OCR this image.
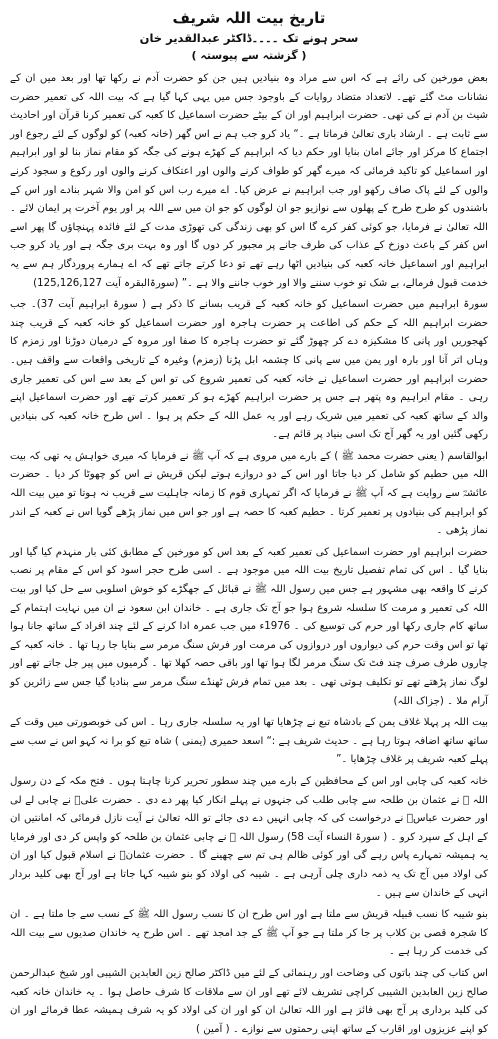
تاریخ بیت اللہ شریف
سحر ہونے تک ۔۔۔۔ڈاکٹر عبدالقدیر خان
( گزشتہ سے پیوستہ )

بعض مورخین کی رائے ہے کہ اس سے مراد وہ بنیادیں ہیں جن کو حضرت آدم نے رکھا تھا اور بعد میں ان کے نشانات مٹ گئے تھے۔ لاتعداد متضاد روایات کے باوجود جس میں یہی کہا گیا ہے کہ بیت اللہ کی تعمیر حضرت شیث بن آدم نے کی تھی۔ حضرت ابراہیم اور ان کے بیٹے حضرت اسماعیل کا کعبہ کی تعمیر کرنا قرآن اور احادیث سے ثابت ہے ۔ ارشاد باری تعالیٰ فرماتا ہے ۔“ یاد کرو جب ہم نے اس گھر (خانہ کعبہ) کو لوگوں کے لئے رجوع اور اجتماع کا مرکز اور جائے امان بنایا اور حکم دیا کہ ابراہیم کے کھڑے ہونے کی جگہ کو مقام نماز بنا لو اور ابراہیم اور اسماعیل کو تاکید فرمائی کہ میرے گھر کو طواف کرنے والوں اور اعتکاف کرنے والوں اور رکوع و سجود کرنے والوں کے لئے پاک صاف رکھو اور جب ابراہیم نے عرض کیا۔ اے میرے رب اس کو امن والا شہر بنادے اور اس کے باشندوں کو طرح طرح کے پھلوں سے نوازیو جو ان لوگوں کو جو ان میں سے اللہ پر اور یوم آخرت پر ایمان لائے ۔ اللہ تعالیٰ نے فرمایا، جو کوئی کفر کرے گا اس کو بھی زندگی کی تھوڑی مدت کے لئے فائدہ پہنچاؤں گا پھر اسے اس کفر کے باعث دوزخ کے عذاب کی طرف جانے پر مجبور کر دوں گا اور وہ بہت بری جگہ ہے اور یاد کرو جب ابراہیم اور اسماعیل خانہ کعبہ کی بنیادیں اٹھا رہے تھے تو دعا کرتے جاتے تھے کہ اے ہمارے پروردگار ہم سے یہ خدمت قبول فرمالے، بے شک تو خوب سننے والا اور خوب جاننے والا ہے ۔” (سورۃالبقرہ آیت 125,126,127)

سورۃ ابراہیم میں حضرت اسماعیل کو خانہ کعبہ کے قریب بسانے کا ذکر ہے ( سورۃ ابراہیم آیت 37)۔ جب حضرت ابراہیم اللہ کے حکم کی اطاعت پر حضرت ہاجرہ اور حضرت اسماعیل کو خانہ کعبہ کے قریب چند کھجوریں اور پانی کا مشکیزہ دے کر چھوڑ گئے تو حضرت ہاجرہ کا صفا اور مروہ کے درمیان دوڑنا اور زمزم کا وہاں اتر آنا اور بارہ اور یمن میں سے پانی کا چشمہ ابل پڑنا (زمزم) وغیرہ کے تاریخی واقعات سے واقف ہیں۔ حضرت ابراہیم اور حضرت اسماعیل نے خانہ کعبہ کی تعمیر شروع کی تو اس کے بعد سے اس کی تعمیر جاری رہی ۔ مقام ابراہیم وہ پتھر ہے جس پر حضرت ابراہیم کھڑے ہو کر تعمیر کرتے تھے اور حضرت اسماعیل اپنے والد کے ساتھ کعبہ کی تعمیر میں شریک رہے اور یہ عمل اللہ کے حکم پر ہوا ۔ اس طرح خانہ کعبہ کی بنیادیں رکھی گئیں اور یہ گھر آج تک اسی بنیاد پر قائم ہے۔

ابوالقاسم ( یعنی حضرت محمد ﷺ ) کے بارے میں مروی ہے کہ آپ ﷺ نے فرمایا کہ میری خواہش یہ تھی کہ بیت اللہ میں حطیم کو شامل کر دیا جاتا اور اس کے دو دروازے ہوتے لیکن قریش نے اس کو چھوٹا کر دیا ۔ حضرت عائشہؓ سے روایت ہے کہ آپ ﷺ نے فرمایا کہ اگر تمہاری قوم کا زمانہ جاہلیت سے قریب نہ ہوتا تو میں بیت اللہ کو ابراہیم کی بنیادوں پر تعمیر کرتا ۔ حطیم کعبہ کا حصہ ہے اور جو اس میں نماز پڑھے گویا اس نے کعبہ کے اندر نماز پڑھی ۔

حضرت ابراہیم اور حضرت اسماعیل کی تعمیر کعبہ کے بعد اس کو مورخین کے مطابق کئی بار منہدم کیا گیا اور بنایا گیا ۔ اس کی تمام تفصیل تاریخ بیت اللہ میں موجود ہے ۔ اسی طرح حجر اسود کو اس کے مقام پر نصب کرنے کا واقعہ بھی مشہور ہے جس میں رسول اللہ ﷺ نے قبائل کے جھگڑے کو خوش اسلوبی سے حل کیا اور بیت اللہ کی تعمیر و مرمت کا سلسلہ شروع ہوا جو آج تک جاری ہے ۔ خاندان ابن سعود نے ان میں نہایت اہتمام کے ساتھ کام جاری رکھا اور حرم کی توسیع کی ۔ 1976ء میں جب عمرہ ادا کرنے کے لئے چند افراد کے ساتھ جانا ہوا تھا تو اس وقت حرم کی دیواروں اور دروازوں کی مرمت اور فرش سنگ مرمر سے بنایا جا رہا تھا ۔ خانہ کعبہ کے چاروں طرف صرف چند فٹ تک سنگ مرمر لگا ہوا تھا اور باقی حصہ کھلا تھا ۔ گرمیوں میں پیر جل جاتے تھے اور لوگ نماز پڑھتے تھے تو تکلیف ہوتی تھی ۔ بعد میں تمام فرش ٹھنڈے سنگ مرمر سے بنادیا گیا جس سے زائرین کو آرام ملا ۔ (جزاک اللہ)

بیت اللہ پر پہلا غلاف یمن کے بادشاہ تبع نے چڑھایا تھا اور یہ سلسلہ جاری رہا ۔ اس کی خوبصورتی میں وقت کے ساتھ ساتھ اضافہ ہوتا رہا ہے ۔ حدیث شریف ہے :“ اسعد حمیری (یمنی ) شاہ تبع کو برا نہ کہو اس نے سب سے پہلے کعبہ شریف پر غلاف چڑھایا ۔”

خانہ کعبہ کی چابی اور اس کے محافظین کے بارے میں چند سطور تحریر کرنا چاہتا ہوں ۔ فتح مکہ کے دن رسول اللہ ﷺ نے عثمان بن طلحہ سے چابی طلب کی جنہوں نے پہلے انکار کیا پھر دے دی ۔ حضرت علیؓ نے چابی لے لی اور حضرت عباسؓ نے درخواست کی کہ چابی انہیں دے دی جائے تو اللہ تعالیٰ نے آیت نازل فرمائی کہ امانتیں ان کے اہل کے سپرد کرو ۔ ( سورۃ النساء آیت 58) رسول اللہ ﷺ نے چابی عثمان بن طلحہ کو واپس کر دی اور فرمایا یہ ہمیشہ تمہارے پاس رہے گی اور کوئی ظالم ہی تم سے چھینے گا ۔ حضرت عثمانؓ نے اسلام قبول کیا اور ان کی اولاد میں آج تک یہ ذمہ داری چلی آرہی ہے ۔ شیبہ کی اولاد کو بنو شیبہ کہا جاتا ہے اور آج بھی کلید بردار انہی کے خاندان سے ہیں ۔

بنو شیبہ کا نسب قبیلہ قریش سے ملتا ہے اور اس طرح ان کا نسب رسول اللہ ﷺ کے نسب سے جا ملتا ہے ۔ ان کا شجرہ قصی بن کلاب پر جا کر ملتا ہے جو آپ ﷺ کے جد امجد تھے ۔ اس طرح یہ خاندان صدیوں سے بیت اللہ کی خدمت کر رہا ہے ۔

اس کتاب کی چند باتوں کی وضاحت اور رہنمائی کے لئے میں ڈاکٹر صالح زین العابدین الشیبی اور شیخ عبدالرحمن صالح زین العابدین الشیبی کراچی تشریف لائے تھے اور ان سے ملاقات کا شرف حاصل ہوا ۔ یہ خاندان خانہ کعبہ کی کلید برداری پر آج بھی فائز ہے اور اللہ تعالیٰ ان کو اور ان کی اولاد کو یہ شرف ہمیشہ عطا فرمائے اور ان کو اپنے عزیزوں اور اقارب کے ساتھ اپنی رحمتوں سے نوازے ۔ ( آمین )
